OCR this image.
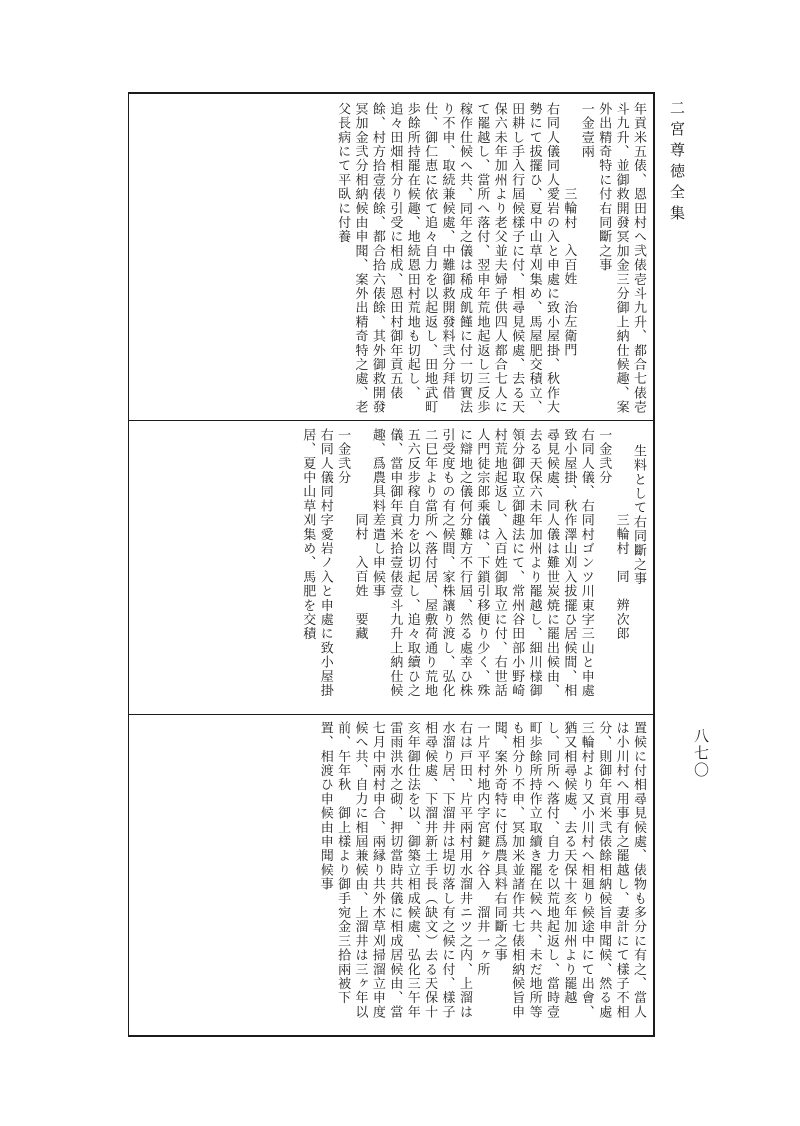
二宮尊徳全集
八七〇
年貢米五俵、恩田村へ弐俵壱斗九升、都合七俵壱斗九升、並御救開發冥加金三分御上納仕候趣、案外出精奇特に付右同斷之事
一金壹兩
三輪村　入百姓　治左衛門
右同人儀同人愛岩の入と申處に致小屋掛、秋作大勢にて拔擺ひ、夏中山草刈集め、馬屋肥交積立、田耕し手入行屆候樣子に付、相尋見候處、去る天保六未年加州より老父並夫婦子供四人都合七人にて罷越し、當所へ落付、翌申年荒地起返し三反歩稼作仕候へ共、同年之儀は稀成飢饉に付一切實法り不申、取続兼候處、中難御救開發料弐分拜借仕、御仁恵に依て追々自力を以起返し、田地武町歩餘所持罷在候趣、地続恩田村荒地も切起し、追々田畑相分り引受に相成、恩田村御年貢五俵餘、村方拾壹俵餘、都合拾六俵餘、其外御救開發冥加金弐分相納候由申聞、案外出精奇特之處、老父長病にて平臥に付養
生料として右同斷之事
三輪村　同　辨次郎
一金弐分
右同人儀、右同村ゴンツ川東字三山と申處致小屋掛、秋作澤山刈入拔擺ひ居候間、相尋見候處、同人儀は難世炭焼に罷出候由、去る天保六未年加州より罷越し、細川様御領分御取立御趣法にて、常州谷田部小野崎村荒地起返し、入百姓御取立に付、右世話人門徒宗郎乘儀は、下鎖引移便り少く、殊に辯地之儀何分難方不行屆、然る處幸ひ株引受度もの有之候間、家株讓り渡し、弘化二巳年より當所へ落付居、屋敷荷通り荒地五六反步稼自力を以切起し、追々取續ひ之儀、當申御年貢米拾壹俵壹斗九升上納仕候趣、爲農具料差遣し申候事
同村　入百姓　要藏
一金弐分
右同人儀同村字愛岩ノ入と申處に致小屋掛居、夏中山草刈集め、馬肥を交積
置候に付相尋見候處、俵物も多分に有之、當人は小川村へ用事有之罷越し、妻計にて樣子不相分、則御年貢米弐俵餘相納候旨申聞候、然る處三輪村より又小川村へ相廻り候途中にて出會、猶又相尋候處、去る天保十亥年加州より罷越し、同所へ落付、自力を以荒地起返し、當時壹町歩餘所持作立取續き罷在候へ共、未だ地所等も相分り不申、冥加米並諸作共七俵相納候旨申聞、案外奇特に付爲農具料右同斷之事
一片平村地内字宮鍵ヶ谷入　溜井一ヶ所
右は戸田、片平兩村用水溜井ニツ之内、上溜は水溜り居、下溜井は堤切落し有之候に付、樣子相尋候處、下溜井新土手長（缺文）去る天保十亥年御仕法を以、御築立相成候處、弘化三午年雷雨洪水之砌、押切當時共儀に相成居候由、當七月中兩村申合、兩縁り共外木草刈掃溜立申度候へ共、自力に相屆兼候由、上溜井は三ヶ年以前、午年秋　御上樣より御手宛金三拾兩被下置、相渡ひ申候由申聞候事
